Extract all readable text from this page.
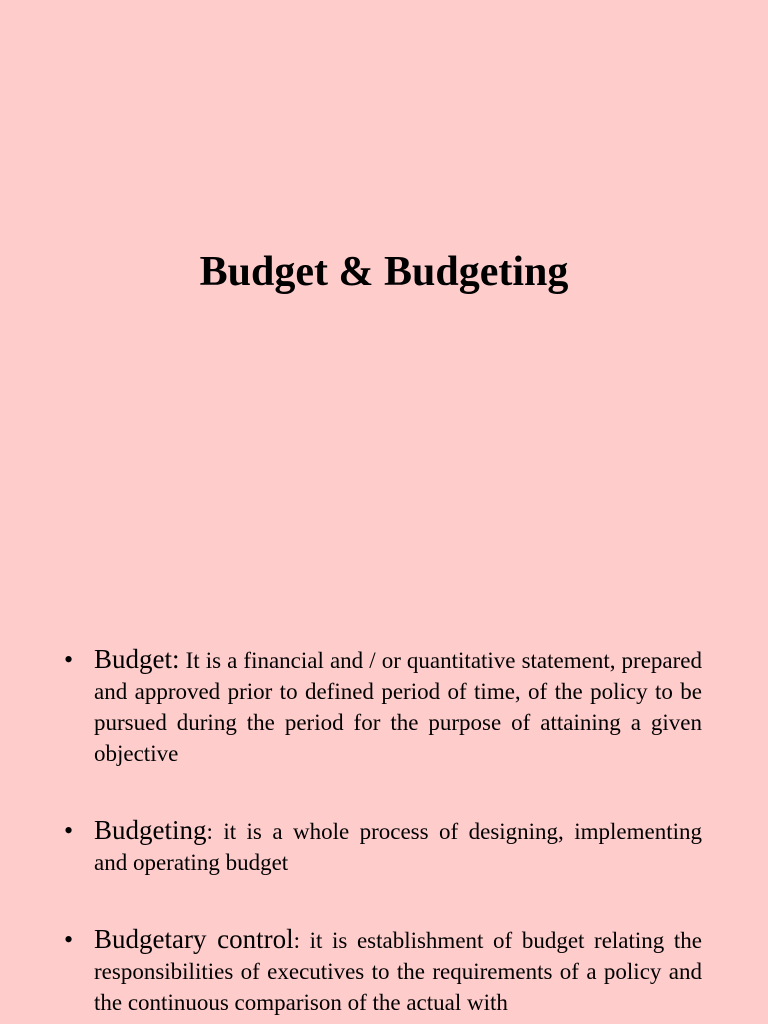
Budget & Budgeting
• Budget: It is a financial and / or quantitative statement, prepared and approved prior to defined period of time, of the policy to be pursued during the period for the purpose of attaining a given objective
• Budgeting: it is a whole process of designing, implementing and operating budget
• Budgetary control: it is establishment of budget relating the responsibilities of executives to the requirements of a policy and the continuous comparison of the actual with
